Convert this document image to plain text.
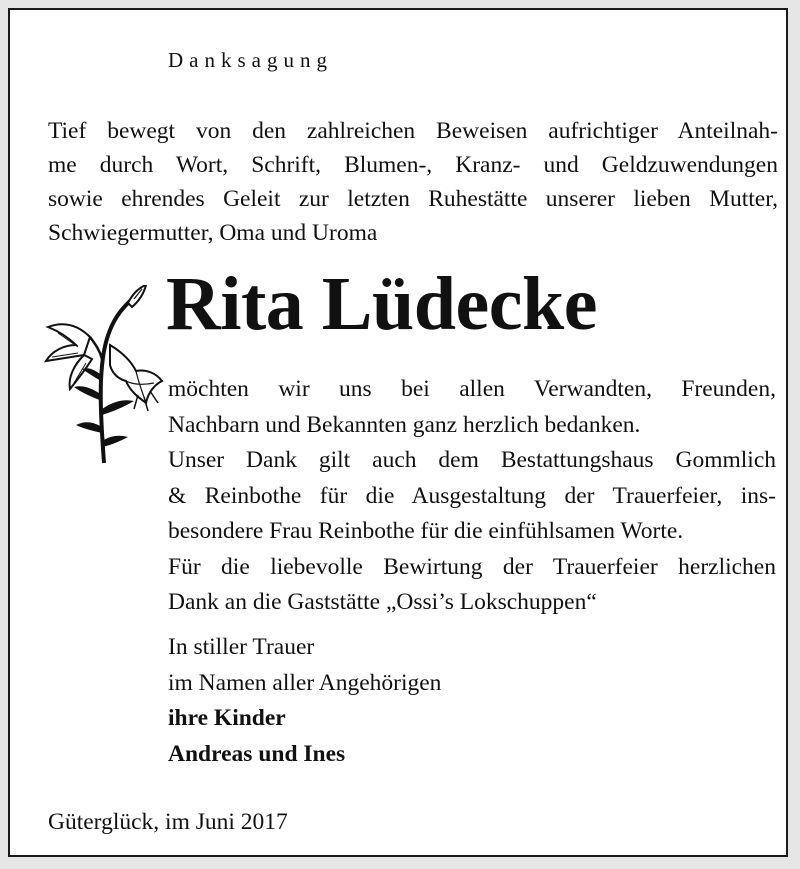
Danksagung
Tief bewegt von den zahlreichen Beweisen aufrichtiger Anteilnah-
me durch Wort, Schrift, Blumen-, Kranz- und Geldzuwendungen
sowie ehrendes Geleit zur letzten Ruhestätte unserer lieben Mutter,
Schwiegermutter, Oma und Uroma
Rita Lüdecke
möchten wir uns bei allen Verwandten, Freunden,
Nachbarn und Bekannten ganz herzlich bedanken.
Unser Dank gilt auch dem Bestattungshaus Gommlich
& Reinbothe für die Ausgestaltung der Trauerfeier, ins-
besondere Frau Reinbothe für die einfühlsamen Worte.
Für die liebevolle Bewirtung der Trauerfeier herzlichen
Dank an die Gaststätte „Ossi’s Lokschuppen“
In stiller Trauer
im Namen aller Angehörigen
ihre Kinder
Andreas und Ines
Güterglück, im Juni 2017
